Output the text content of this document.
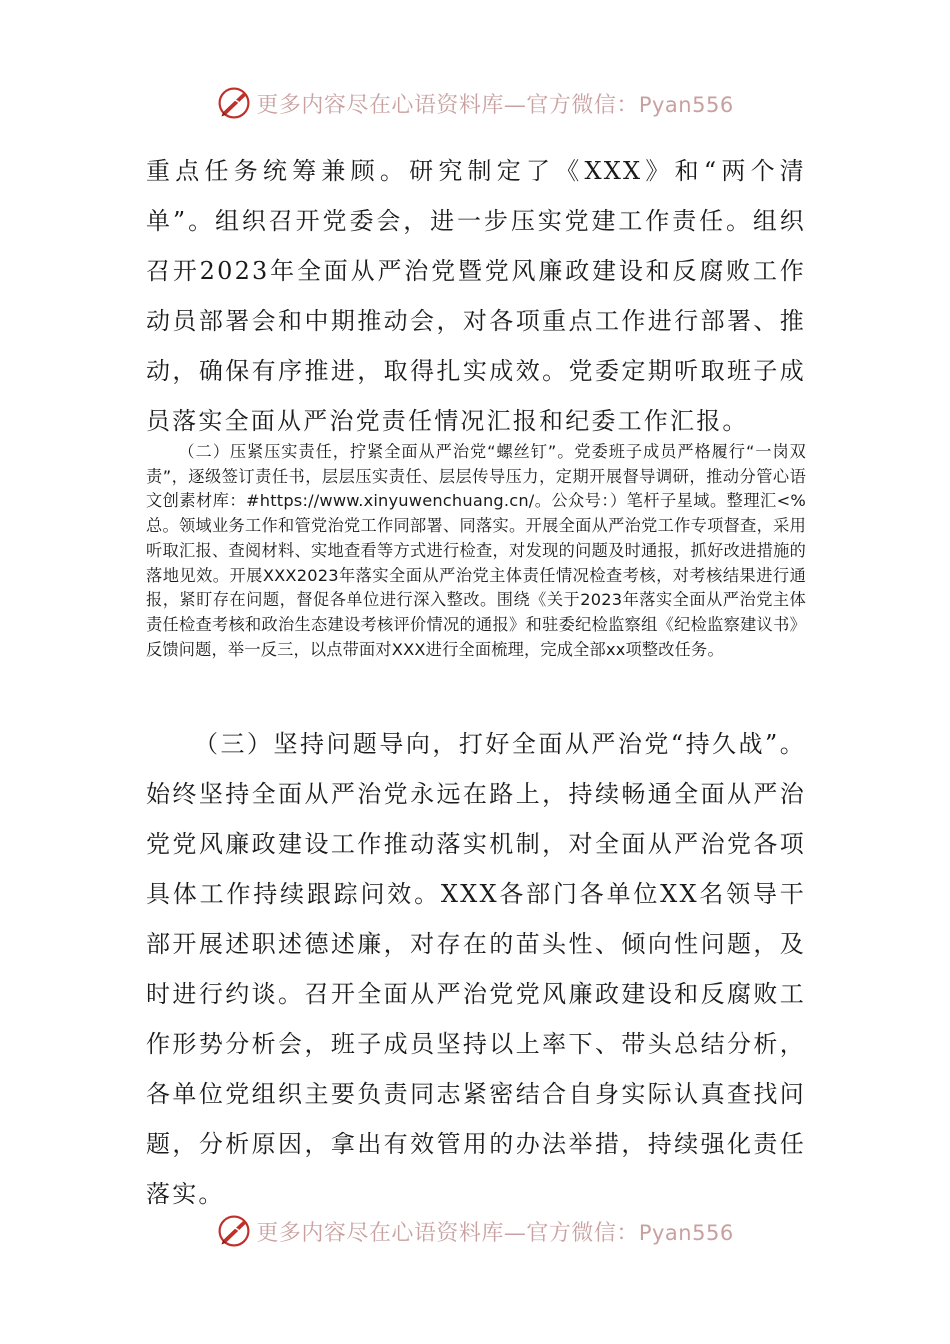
更多内容尽在心语资料库—官方微信：Pyan556

重点任务统筹兼顾。研究制定了《XXX》和“两个清单”。组织召开党委会，进一步压实党建工作责任。组织召开2023年全面从严治党暨党风廉政建设和反腐败工作动员部署会和中期推动会，对各项重点工作进行部署、推动，确保有序推进，取得扎实成效。党委定期听取班子成员落实全面从严治党责任情况汇报和纪委工作汇报。

（二）压紧压实责任，拧紧全面从严治党“螺丝钉”。党委班子成员严格履行“一岗双责”，逐级签订责任书，层层压实责任、层层传导压力，定期开展督导调研，推动分管心语文创素材库：#https://www.xinyuwenchuang.cn/。公众号：）笔杆子星域。整理汇<%总。领域业务工作和管党治党工作同部署、同落实。开展全面从严治党工作专项督查，采用听取汇报、查阅材料、实地查看等方式进行检查，对发现的问题及时通报，抓好改进措施的落地见效。开展XXX2023年落实全面从严治党主体责任情况检查考核，对考核结果进行通报，紧盯存在问题，督促各单位进行深入整改。围绕《关于2023年落实全面从严治党主体责任检查考核和政治生态建设考核评价情况的通报》和驻委纪检监察组《纪检监察建议书》反馈问题，举一反三，以点带面对XXX进行全面梳理，完成全部xx项整改任务。

（三）坚持问题导向，打好全面从严治党“持久战”。始终坚持全面从严治党永远在路上，持续畅通全面从严治党党风廉政建设工作推动落实机制，对全面从严治党各项具体工作持续跟踪问效。XXX各部门各单位XX名领导干部开展述职述德述廉，对存在的苗头性、倾向性问题，及时进行约谈。召开全面从严治党党风廉政建设和反腐败工作形势分析会，班子成员坚持以上率下、带头总结分析，各单位党组织主要负责同志紧密结合自身实际认真查找问题，分析原因，拿出有效管用的办法举措，持续强化责任落实。

更多内容尽在心语资料库—官方微信：Pyan556
